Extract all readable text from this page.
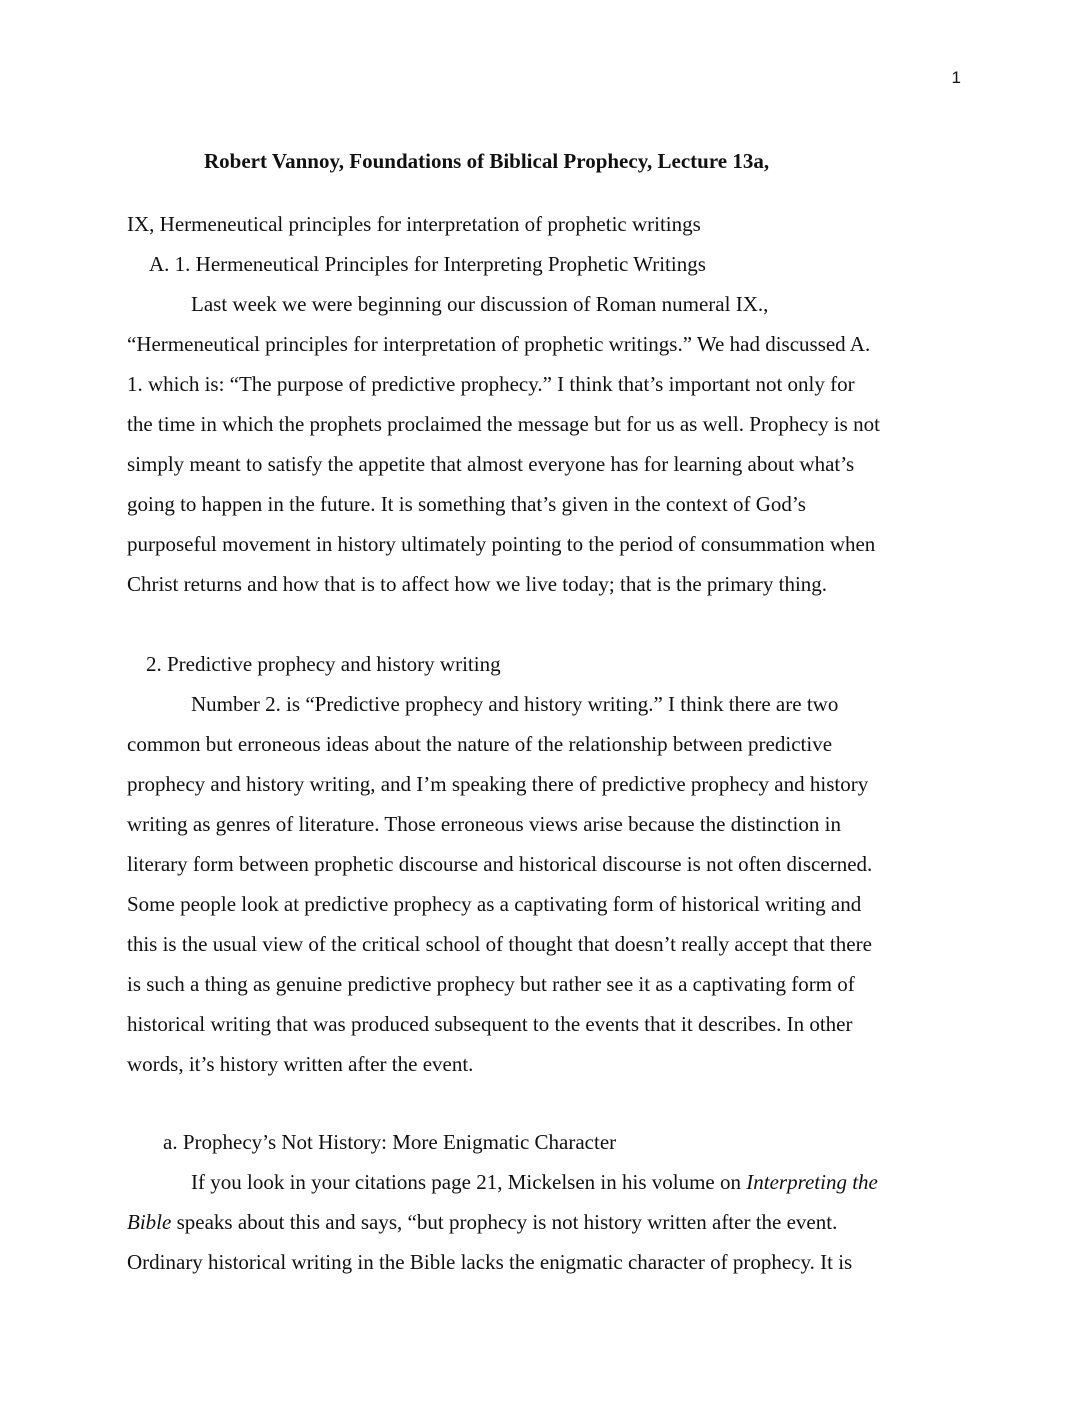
1
Robert Vannoy, Foundations of Biblical Prophecy, Lecture 13a,
IX, Hermeneutical principles for interpretation of prophetic writings
A. 1. Hermeneutical Principles for Interpreting Prophetic Writings
Last week we were beginning our discussion of Roman numeral IX.,
“Hermeneutical principles for interpretation of prophetic writings.” We had discussed A.
1. which is: “The purpose of predictive prophecy.” I think that’s important not only for
the time in which the prophets proclaimed the message but for us as well. Prophecy is not
simply meant to satisfy the appetite that almost everyone has for learning about what’s
going to happen in the future. It is something that’s given in the context of God’s
purposeful movement in history ultimately pointing to the period of consummation when
Christ returns and how that is to affect how we live today; that is the primary thing.
2. Predictive prophecy and history writing
Number 2. is “Predictive prophecy and history writing.” I think there are two
common but erroneous ideas about the nature of the relationship between predictive
prophecy and history writing, and I’m speaking there of predictive prophecy and history
writing as genres of literature. Those erroneous views arise because the distinction in
literary form between prophetic discourse and historical discourse is not often discerned.
Some people look at predictive prophecy as a captivating form of historical writing and
this is the usual view of the critical school of thought that doesn’t really accept that there
is such a thing as genuine predictive prophecy but rather see it as a captivating form of
historical writing that was produced subsequent to the events that it describes. In other
words, it’s history written after the event.
a. Prophecy’s Not History: More Enigmatic Character
If you look in your citations page 21, Mickelsen in his volume on Interpreting the
Bible speaks about this and says, “but prophecy is not history written after the event.
Ordinary historical writing in the Bible lacks the enigmatic character of prophecy. It is
